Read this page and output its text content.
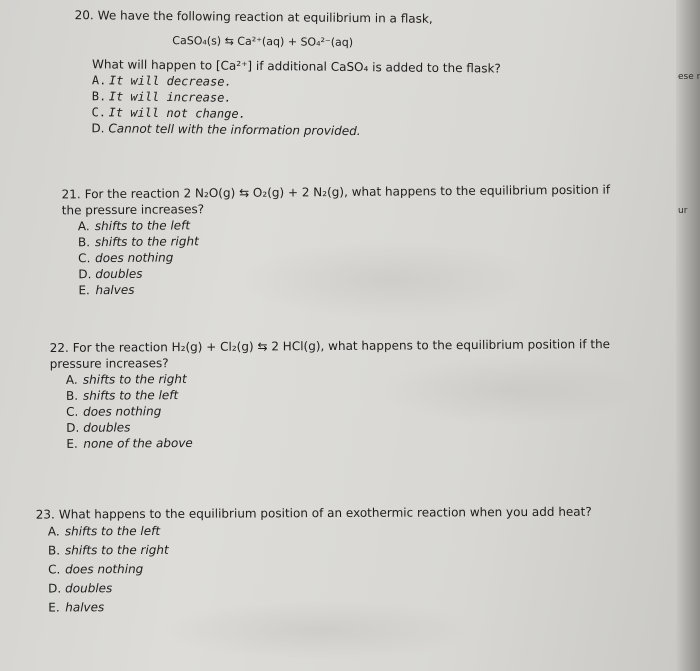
20. We have the following reaction at equilibrium in a flask,
CaSO₄(s) ⇆ Ca²⁺(aq) + SO₄²⁻(aq)
What will happen to [Ca²⁺] if additional CaSO₄ is added to the flask?
A. It will decrease.
B. It will increase.
C. It will not change.
D. Cannot tell with the information provided.
21. For the reaction 2 N₂O(g) ⇆ O₂(g) + 2 N₂(g), what happens to the equilibrium position if the pressure increases?
A. shifts to the left
B. shifts to the right
C. does nothing
D. doubles
E. halves
22. For the reaction H₂(g) + Cl₂(g) ⇆ 2 HCl(g), what happens to the equilibrium position if the pressure increases?
A. shifts to the right
B. shifts to the left
C. does nothing
D. doubles
E. none of the above
23. What happens to the equilibrium position of an exothermic reaction when you add heat?
A. shifts to the left
B. shifts to the right
C. does nothing
D. doubles
E. halves
ese r
ur
